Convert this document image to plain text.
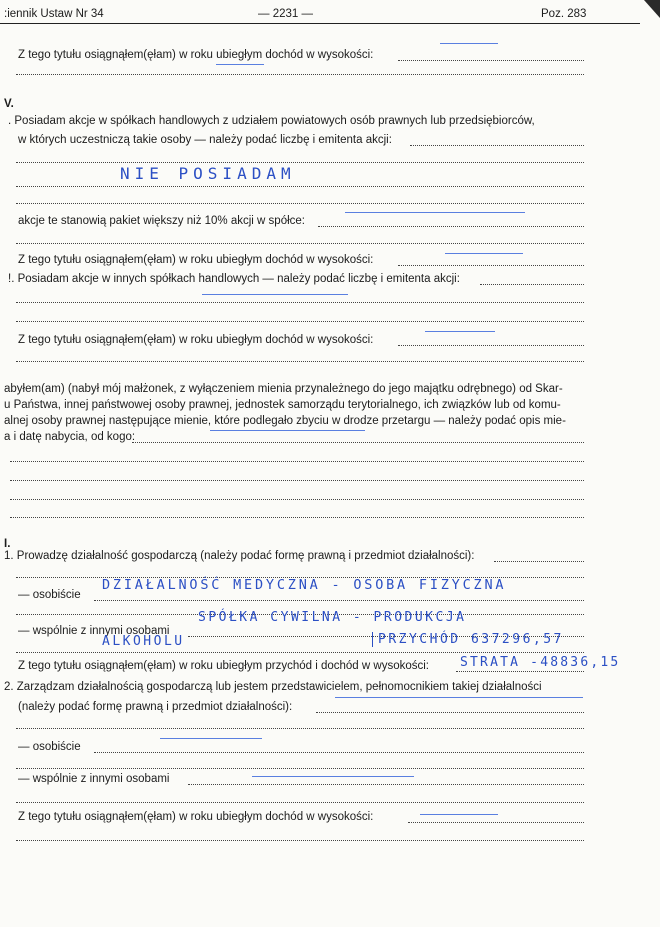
:iennik Ustaw Nr 34	— 2231 —	Poz. 283
Z tego tytułu osiągnąłem(ęłam) w roku ubiegłym dochód w wysokości:
V.
. Posiadam akcje w spółkach handlowych z udziałem powiatowych osób prawnych lub przedsiębiorców,
w których uczestniczą takie osoby — należy podać liczbę i emitenta akcji:
NIE POSIADAM
akcje te stanowią pakiet większy niż 10% akcji w spółce:
Z tego tytułu osiągnąłem(ęłam) w roku ubiegłym dochód w wysokości:
!. Posiadam akcje w innych spółkach handlowych — należy podać liczbę i emitenta akcji:
Z tego tytułu osiągnąłem(ęłam) w roku ubiegłym dochód w wysokości:
abyłem(am) (nabył mój małżonek, z wyłączeniem mienia przynależnego do jego majątku odrębnego) od Skar-
u Państwa, innej państwowej osoby prawnej, jednostek samorządu terytorialnego, ich związków lub od komu-
alnej osoby prawnej następujące mienie, które podlegało zbyciu w drodze przetargu — należy podać opis mie-
a i datę nabycia, od kogo:
I.
1. Prowadzę działalność gospodarczą (należy podać formę prawną i przedmiot działalności):
— osobiście
DZIAŁALNOŚĆ MEDYCZNA - OSOBA FIZYCZNA
— wspólnie z innymi osobami
SPÓŁKA CYWILNA - PRODUKCJA
ALKOHOLU	PRZYCHÓD 637296,57
Z tego tytułu osiągnąłem(ęłam) w roku ubiegłym przychód i dochód w wysokości: STRATA -48836,15
2. Zarządzam działalnością gospodarczą lub jestem przedstawicielem, pełnomocnikiem takiej działalności
(należy podać formę prawną i przedmiot działalności):
— osobiście
— wspólnie z innymi osobami
Z tego tytułu osiągnąłem(ęłam) w roku ubiegłym dochód w wysokości:
